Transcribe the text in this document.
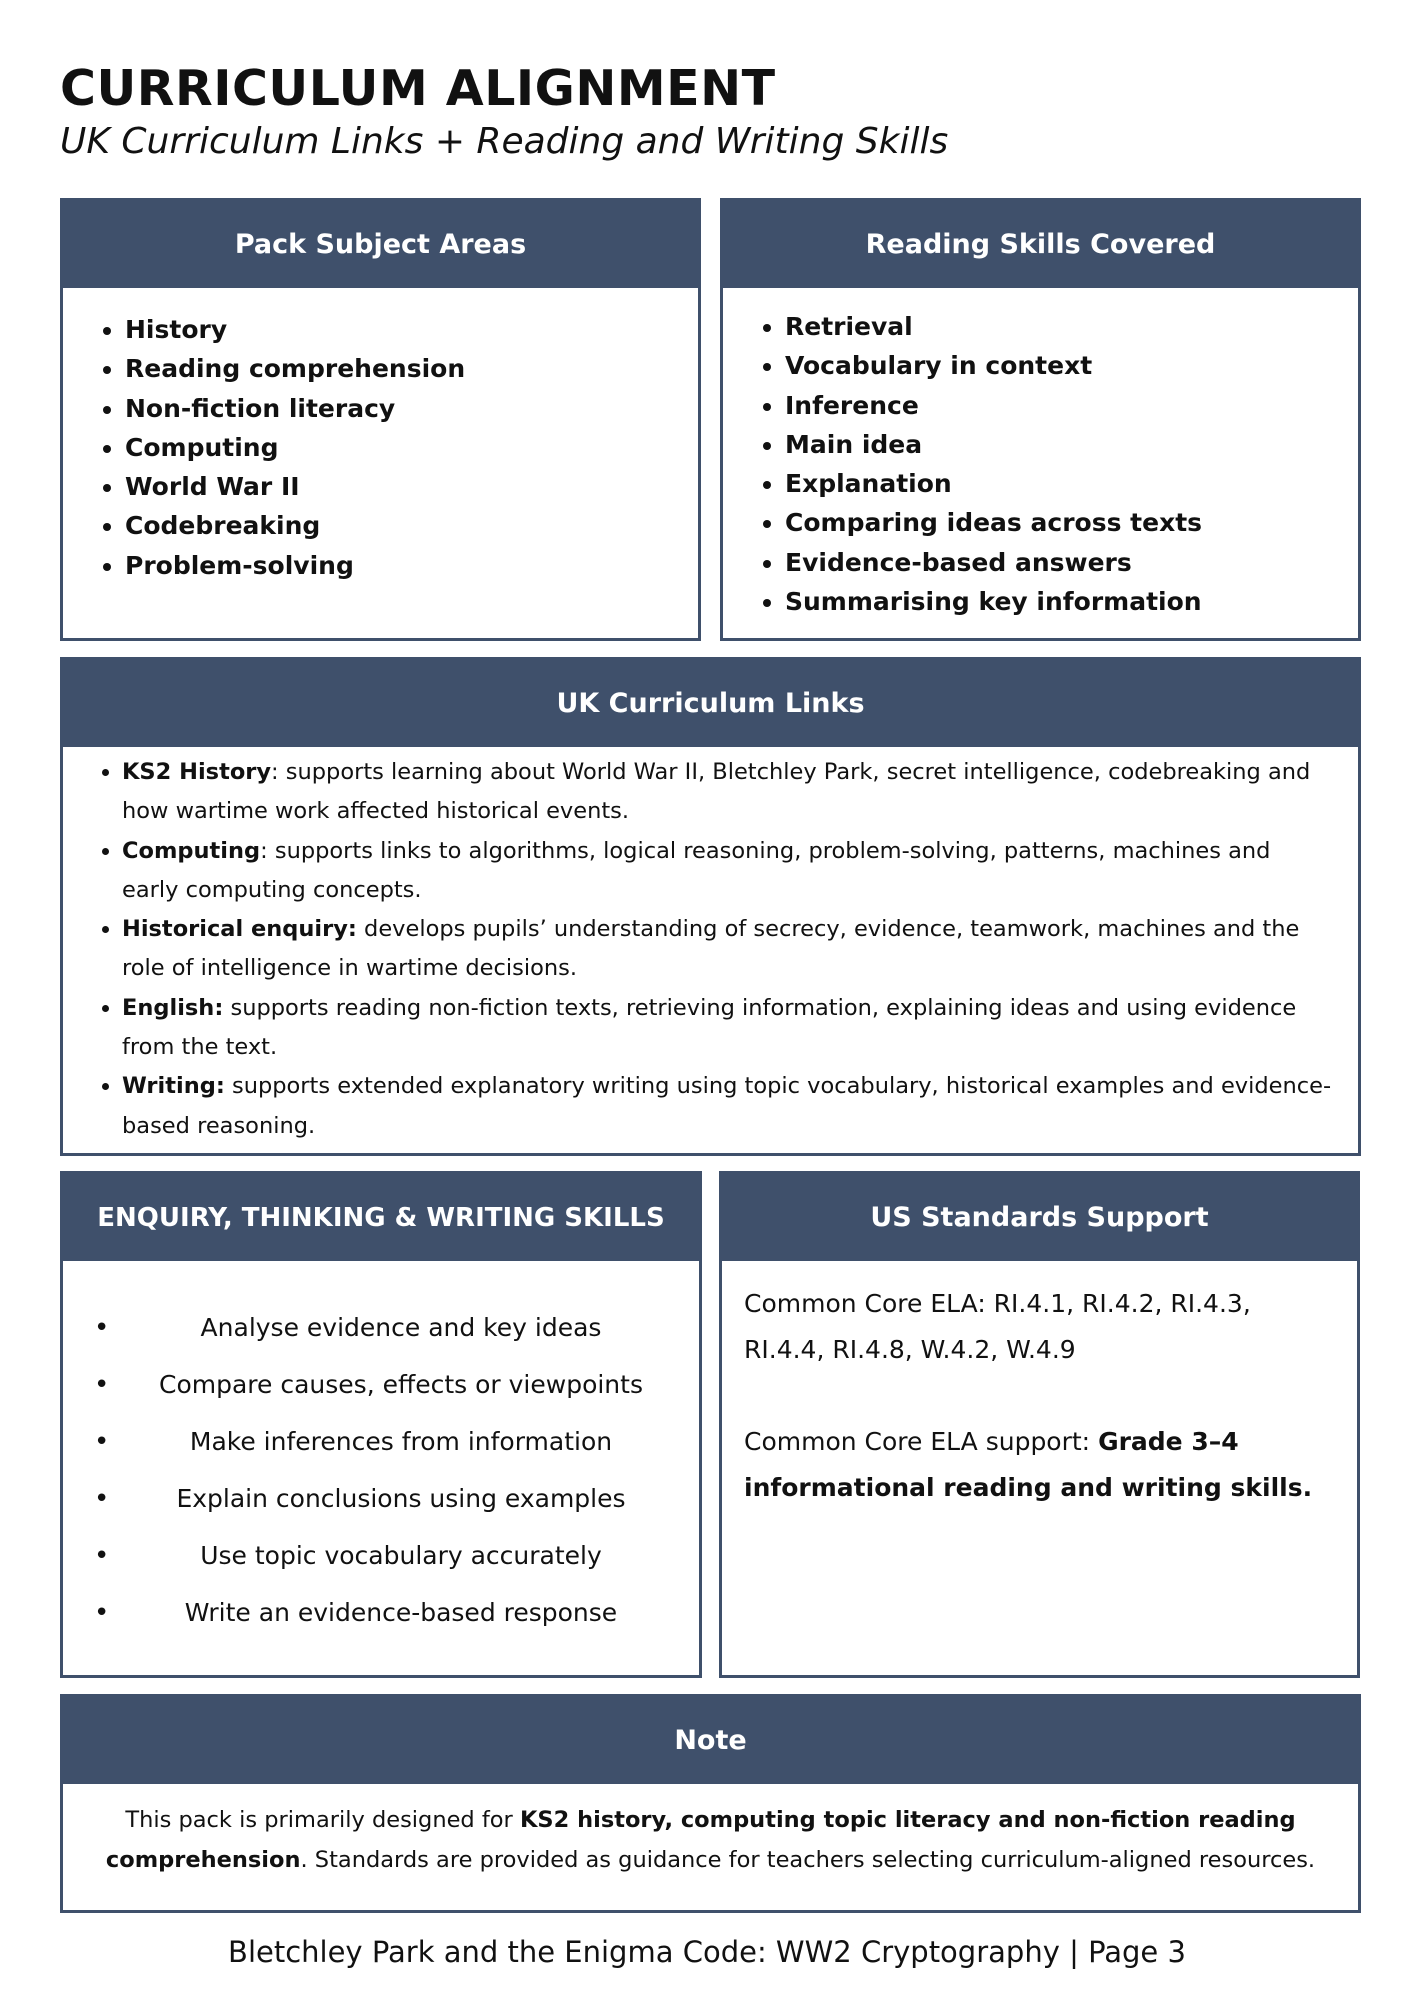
CURRICULUM ALIGNMENT
UK Curriculum Links + Reading and Writing Skills
Pack Subject Areas
• History
• Reading comprehension
• Non-fiction literacy
• Computing
• World War II
• Codebreaking
• Problem-solving
Reading Skills Covered
• Retrieval
• Vocabulary in context
• Inference
• Main idea
• Explanation
• Comparing ideas across texts
• Evidence-based answers
• Summarising key information
UK Curriculum Links
• KS2 History: supports learning about World War II, Bletchley Park, secret intelligence, codebreaking and how wartime work affected historical events.
• Computing: supports links to algorithms, logical reasoning, problem-solving, patterns, machines and early computing concepts.
• Historical enquiry: develops pupils’ understanding of secrecy, evidence, teamwork, machines and the role of intelligence in wartime decisions.
• English: supports reading non-fiction texts, retrieving information, explaining ideas and using evidence from the text.
• Writing: supports extended explanatory writing using topic vocabulary, historical examples and evidence-based reasoning.
ENQUIRY, THINKING & WRITING SKILLS
•	Analyse evidence and key ideas
• Compare causes, effects or viewpoints
•	Make inferences from information
•	Explain conclusions using examples
•	Use topic vocabulary accurately
•	Write an evidence-based response
US Standards Support

Common Core ELA: RI.4.1, RI.4.2, RI.4.3, RI.4.4, RI.4.8, W.4.2, W.4.9

Common Core ELA support: Grade 3–4 informational reading and writing skills.

Note
This pack is primarily designed for KS2 history, computing topic literacy and non-fiction reading comprehension. Standards are provided as guidance for teachers selecting curriculum-aligned resources.
Bletchley Park and the Enigma Code: WW2 Cryptography | Page 3
